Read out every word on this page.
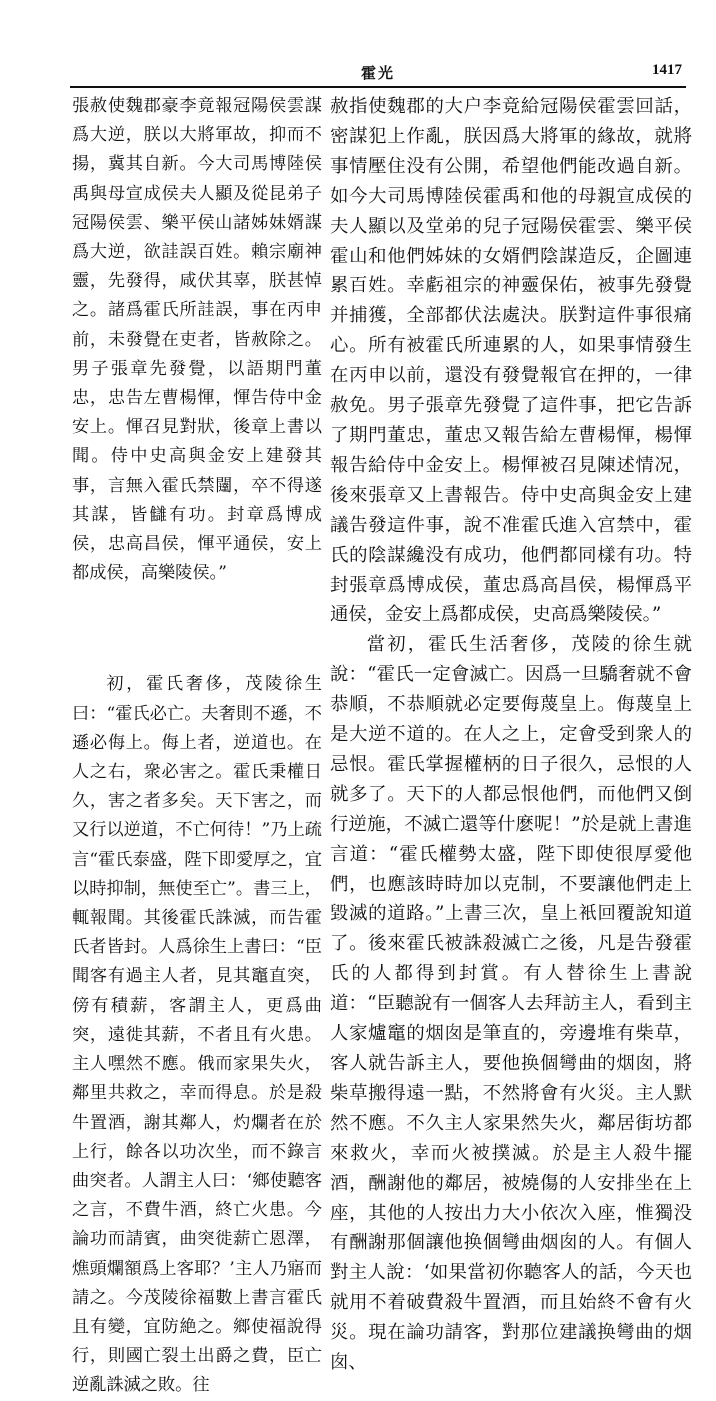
霍光	1417

張赦使魏郡豪李竟報冠陽侯雲謀爲大逆，朕以大將軍故，抑而不揚，冀其自新。今大司馬博陸侯禹與母宣成侯夫人顯及從昆弟子冠陽侯雲、樂平侯山諸姊妹婿謀爲大逆，欲詿誤百姓。賴宗廟神靈，先發得，咸伏其辜，朕甚悼之。諸爲霍氏所詿誤，事在丙申前，未發覺在吏者，皆赦除之。男子張章先發覺，以語期門董忠，忠告左曹楊惲，惲告侍中金安上。惲召見對狀，後章上書以聞。侍中史高與金安上建發其事，言無入霍氏禁闥，卒不得遂其謀，皆讎有功。封章爲博成侯，忠高昌侯，惲平通侯，安上都成侯，高樂陵侯。”

初，霍氏奢侈，茂陵徐生曰：“霍氏必亡。夫奢則不遜，不遜必侮上。侮上者，逆道也。在人之右，衆必害之。霍氏秉權日久，害之者多矣。天下害之，而又行以逆道，不亡何待！”乃上疏言“霍氏泰盛，陛下即愛厚之，宜以時抑制，無使至亡”。書三上，輒報聞。其後霍氏誅滅，而告霍氏者皆封。人爲徐生上書曰：“臣聞客有過主人者，見其竈直突，傍有積薪，客謂主人，更爲曲突，遠徙其薪，不者且有火患。主人嘿然不應。俄而家果失火，鄰里共救之，幸而得息。於是殺牛置酒，謝其鄰人，灼爛者在於上行，餘各以功次坐，而不錄言曲突者。人謂主人曰：‘鄉使聽客之言，不費牛酒，終亡火患。今論功而請賓，曲突徙薪亡恩澤，燋頭爛額爲上客耶？’主人乃寤而請之。今茂陵徐福數上書言霍氏且有變，宜防絶之。鄉使福說得行，則國亡裂土出爵之費，臣亡逆亂誅滅之敗。往

赦指使魏郡的大户李竟給冠陽侯霍雲回話，密謀犯上作亂，朕因爲大將軍的緣故，就將事情壓住没有公開，希望他們能改過自新。如今大司馬博陸侯霍禹和他的母親宣成侯的夫人顯以及堂弟的兒子冠陽侯霍雲、樂平侯霍山和他們姊妹的女婿們陰謀造反，企圖連累百姓。幸虧祖宗的神靈保佑，被事先發覺并捕獲，全部都伏法處決。朕對這件事很痛心。所有被霍氏所連累的人，如果事情發生在丙申以前，還没有發覺報官在押的，一律赦免。男子張章先發覺了這件事，把它告訴了期門董忠，董忠又報告給左曹楊惲，楊惲報告給侍中金安上。楊惲被召見陳述情况，後來張章又上書報告。侍中史高與金安上建議告發這件事，說不准霍氏進入宫禁中，霍氏的陰謀纔没有成功，他們都同樣有功。特封張章爲博成侯，董忠爲高昌侯，楊惲爲平通侯，金安上爲都成侯，史高爲樂陵侯。”

當初，霍氏生活奢侈，茂陵的徐生就說：“霍氏一定會滅亡。因爲一旦驕奢就不會恭順，不恭順就必定要侮蔑皇上。侮蔑皇上是大逆不道的。在人之上，定會受到衆人的忌恨。霍氏掌握權柄的日子很久，忌恨的人就多了。天下的人都忌恨他們，而他們又倒行逆施，不滅亡還等什麽呢！”於是就上書進言道：“霍氏權勢太盛，陛下即使很厚愛他們，也應該時時加以克制，不要讓他們走上毀滅的道路。”上書三次，皇上衹回覆說知道了。後來霍氏被誅殺滅亡之後，凡是告發霍氏的人都得到封賞。有人替徐生上書說道：“臣聽說有一個客人去拜訪主人，看到主人家爐竈的烟囱是筆直的，旁邊堆有柴草，客人就告訴主人，要他换個彎曲的烟囱，將柴草搬得遠一點，不然將會有火災。主人默然不應。不久主人家果然失火，鄰居街坊都來救火，幸而火被撲滅。於是主人殺牛擺酒，酬謝他的鄰居，被燒傷的人安排坐在上座，其他的人按出力大小依次入座，惟獨没有酬謝那個讓他换個彎曲烟囱的人。有個人對主人說：‘如果當初你聽客人的話，今天也就用不着破費殺牛置酒，而且始終不會有火災。現在論功請客，對那位建議换彎曲的烟囱、
